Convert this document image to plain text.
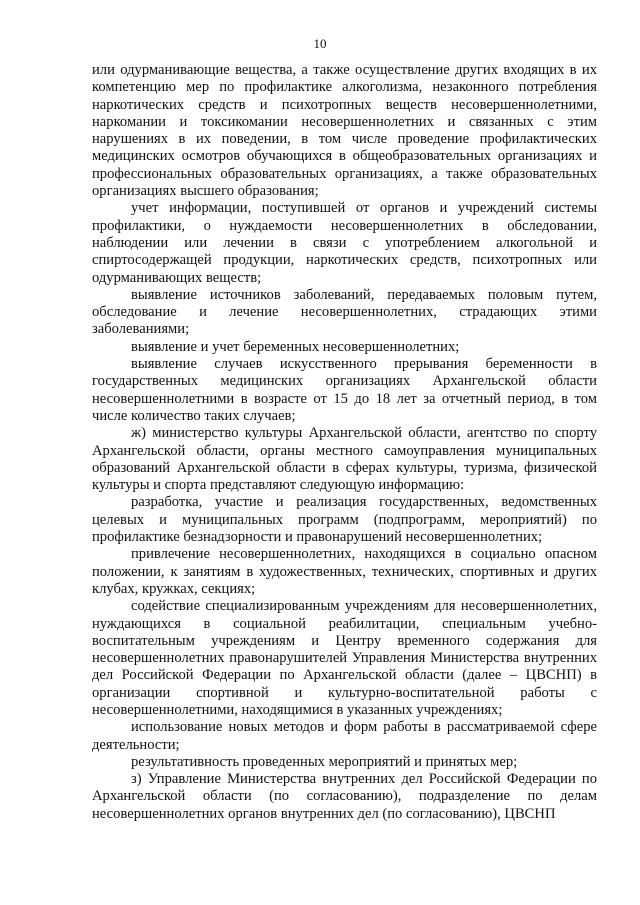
10

или одурманивающие вещества, а также осуществление других входящих в их компетенцию мер по профилактике алкоголизма, незаконного потребления наркотических средств и психотропных веществ несовершеннолетними, наркомании и токсикомании несовершеннолетних и связанных с этим нарушениях в их поведении, в том числе проведение профилактических медицинских осмотров обучающихся в общеобразовательных организациях и профессиональных образовательных организациях, а также образовательных организациях высшего образования;

учет информации, поступившей от органов и учреждений системы профилактики, о нуждаемости несовершеннолетних в обследовании, наблюдении или лечении в связи с употреблением алкогольной и спиртосодержащей продукции, наркотических средств, психотропных или одурманивающих веществ;

выявление источников заболеваний, передаваемых половым путем, обследование и лечение несовершеннолетних, страдающих этими заболеваниями;

выявление и учет беременных несовершеннолетних;

выявление случаев искусственного прерывания беременности в государственных медицинских организациях Архангельской области несовершеннолетними в возрасте от 15 до 18 лет за отчетный период, в том числе количество таких случаев;

ж) министерство культуры Архангельской области, агентство по спорту Архангельской области, органы местного самоуправления муниципальных образований Архангельской области в сферах культуры, туризма, физической культуры и спорта представляют следующую информацию:

разработка, участие и реализация государственных, ведомственных целевых и муниципальных программ (подпрограмм, мероприятий) по профилактике безнадзорности и правонарушений несовершеннолетних;

привлечение несовершеннолетних, находящихся в социально опасном положении, к занятиям в художественных, технических, спортивных и других клубах, кружках, секциях;

содействие специализированным учреждениям для несовершеннолетних, нуждающихся в социальной реабилитации, специальным учебно-воспитательным учреждениям и Центру временного содержания для несовершеннолетних правонарушителей Управления Министерства внутренних дел Российской Федерации по Архангельской области (далее – ЦВСНП) в организации спортивной и культурно-воспитательной работы с несовершеннолетними, находящимися в указанных учреждениях;

использование новых методов и форм работы в рассматриваемой сфере деятельности;

результативность проведенных мероприятий и принятых мер;

з) Управление Министерства внутренних дел Российской Федерации по Архангельской области (по согласованию), подразделение по делам несовершеннолетних органов внутренних дел (по согласованию), ЦВСНП
